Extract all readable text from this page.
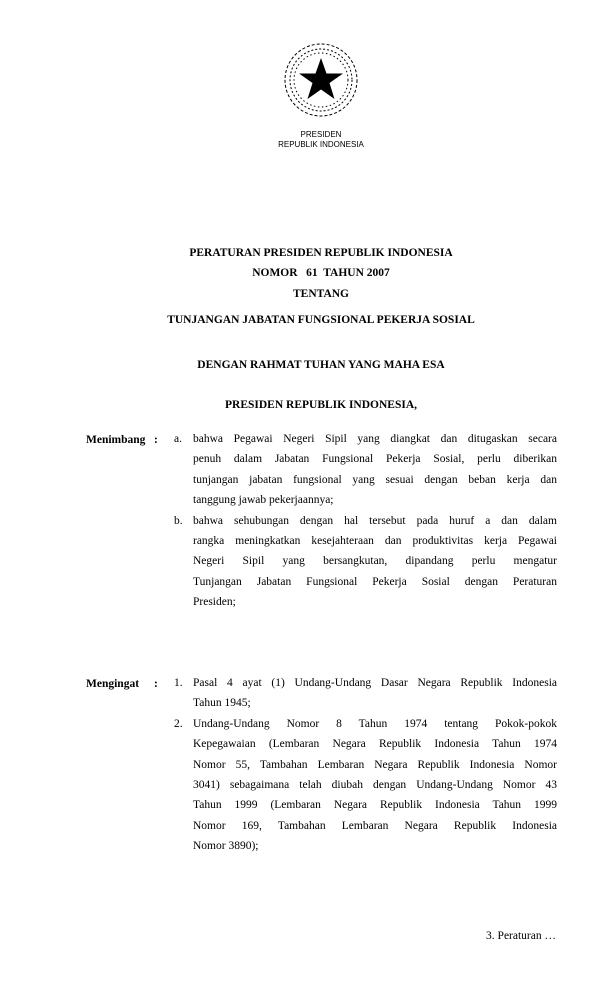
PRESIDEN
REPUBLIK INDONESIA
PERATURAN PRESIDEN REPUBLIK INDONESIA
NOMOR   61  TAHUN 2007
TENTANG
TUNJANGAN JABATAN FUNGSIONAL PEKERJA SOSIAL
DENGAN RAHMAT TUHAN YANG MAHA ESA
PRESIDEN REPUBLIK INDONESIA,
Menimbang : a. bahwa Pegawai Negeri Sipil yang diangkat dan ditugaskan secara
penuh dalam Jabatan Fungsional Pekerja Sosial, perlu diberikan
tunjangan jabatan fungsional yang sesuai dengan beban kerja dan
tanggung jawab pekerjaannya;
b. bahwa sehubungan dengan hal tersebut pada huruf a dan dalam
rangka meningkatkan kesejahteraan dan produktivitas kerja Pegawai
Negeri Sipil yang bersangkutan, dipandang perlu mengatur
Tunjangan Jabatan Fungsional Pekerja Sosial dengan Peraturan
Presiden;
Mengingat : 1. Pasal 4 ayat (1) Undang-Undang Dasar Negara Republik Indonesia
Tahun 1945;
2. Undang-Undang Nomor 8 Tahun 1974 tentang Pokok-pokok
Kepegawaian (Lembaran Negara Republik Indonesia Tahun 1974
Nomor 55, Tambahan Lembaran Negara Republik Indonesia Nomor
3041) sebagaimana telah diubah dengan Undang-Undang Nomor 43
Tahun 1999 (Lembaran Negara Republik Indonesia Tahun 1999
Nomor 169, Tambahan Lembaran Negara Republik Indonesia
Nomor 3890);
3. Peraturan …
